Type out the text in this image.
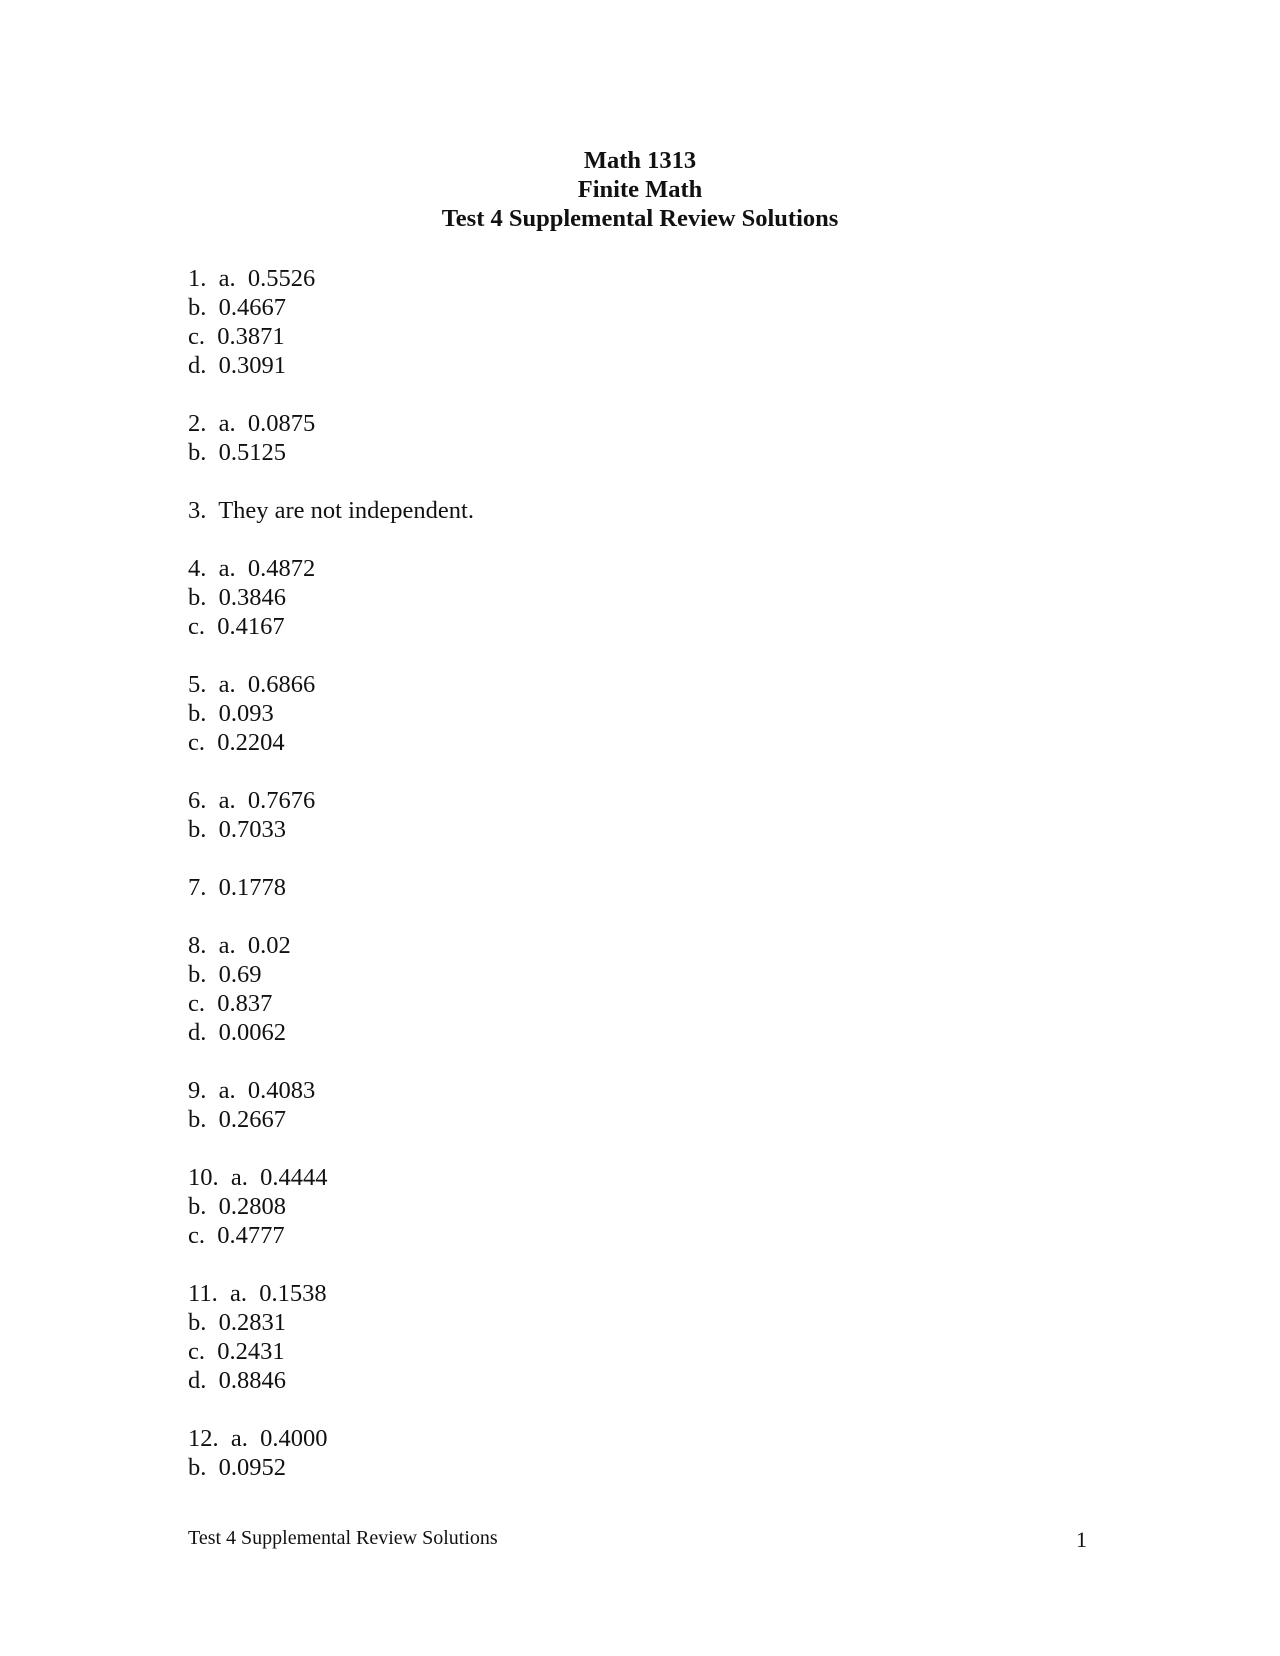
Math 1313
Finite Math
Test 4 Supplemental Review Solutions
1. a. 0.5526
b. 0.4667
c. 0.3871
d. 0.3091
2. a. 0.0875
b. 0.5125
3. They are not independent.
4. a. 0.4872
b. 0.3846
c. 0.4167
5. a. 0.6866
b. 0.093
c. 0.2204
6. a. 0.7676
b. 0.7033
7. 0.1778
8. a. 0.02
b. 0.69
c. 0.837
d. 0.0062
9. a. 0.4083
b. 0.2667
10. a. 0.4444
b. 0.2808
c. 0.4777
11. a. 0.1538
b. 0.2831
c. 0.2431
d. 0.8846
12. a. 0.4000
b. 0.0952
Test 4 Supplemental Review Solutions	1
